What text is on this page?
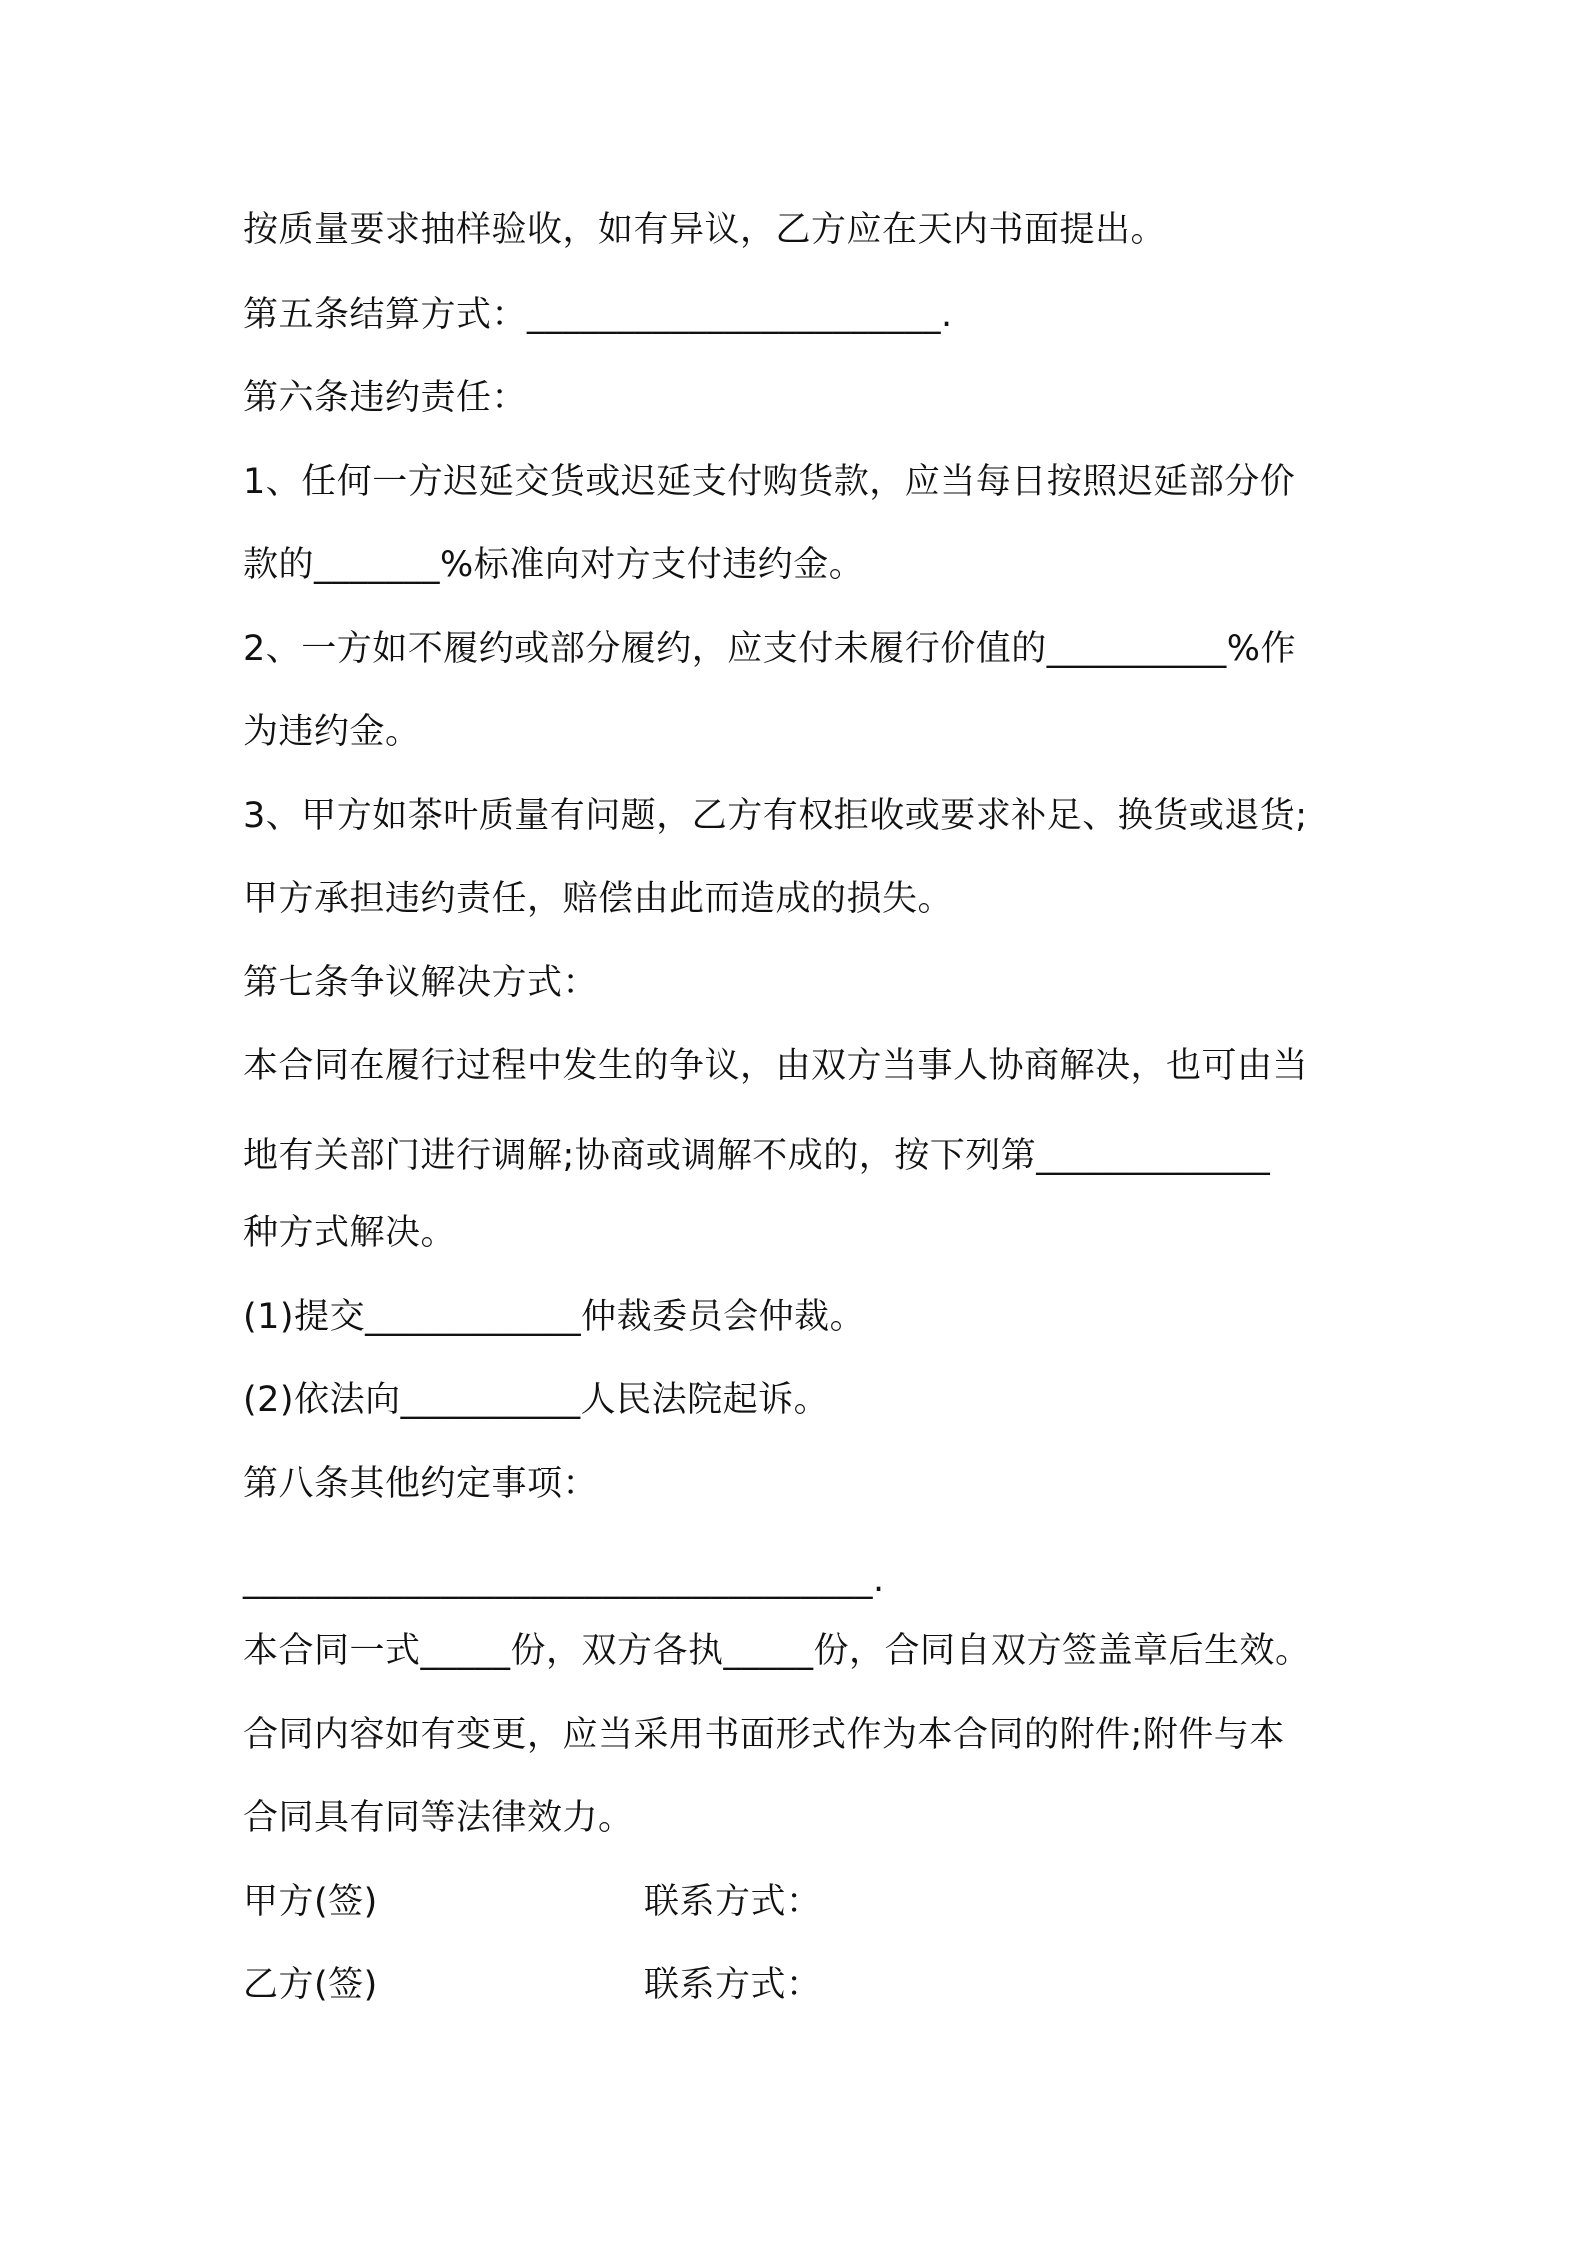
按质量要求抽样验收，如有异议，乙方应在天内书面提出。
第五条结算方式：_______________________.
第六条违约责任：
1、任何一方迟延交货或迟延支付购货款，应当每日按照迟延部分价
款的_______%标准向对方支付违约金。
2、一方如不履约或部分履约，应支付未履行价值的__________%作
为违约金。
3、甲方如茶叶质量有问题，乙方有权拒收或要求补足、换货或退货;
甲方承担违约责任，赔偿由此而造成的损失。
第七条争议解决方式：
本合同在履行过程中发生的争议，由双方当事人协商解决，也可由当
地有关部门进行调解;协商或调解不成的，按下列第_____________
种方式解决。
(1)提交____________仲裁委员会仲裁。
(2)依法向__________人民法院起诉。
第八条其他约定事项：
___________________________________.
本合同一式_____份，双方各执_____份，合同自双方签盖章后生效。
合同内容如有变更，应当采用书面形式作为本合同的附件;附件与本
合同具有同等法律效力。
甲方(签)	联系方式：
乙方(签)	联系方式：
